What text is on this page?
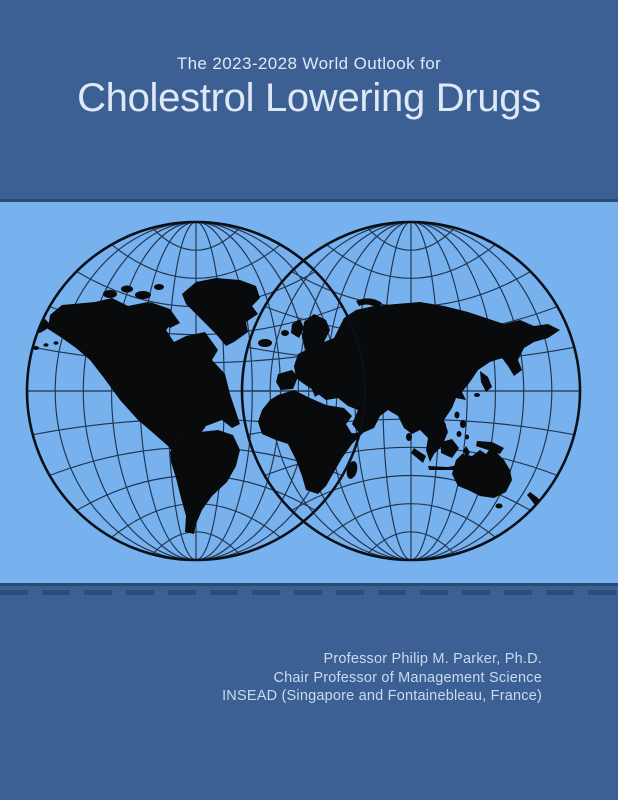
The 2023-2028 World Outlook for
Cholestrol Lowering Drugs
Professor Philip M. Parker, Ph.D.
Chair Professor of Management Science
INSEAD (Singapore and Fontainebleau, France)
